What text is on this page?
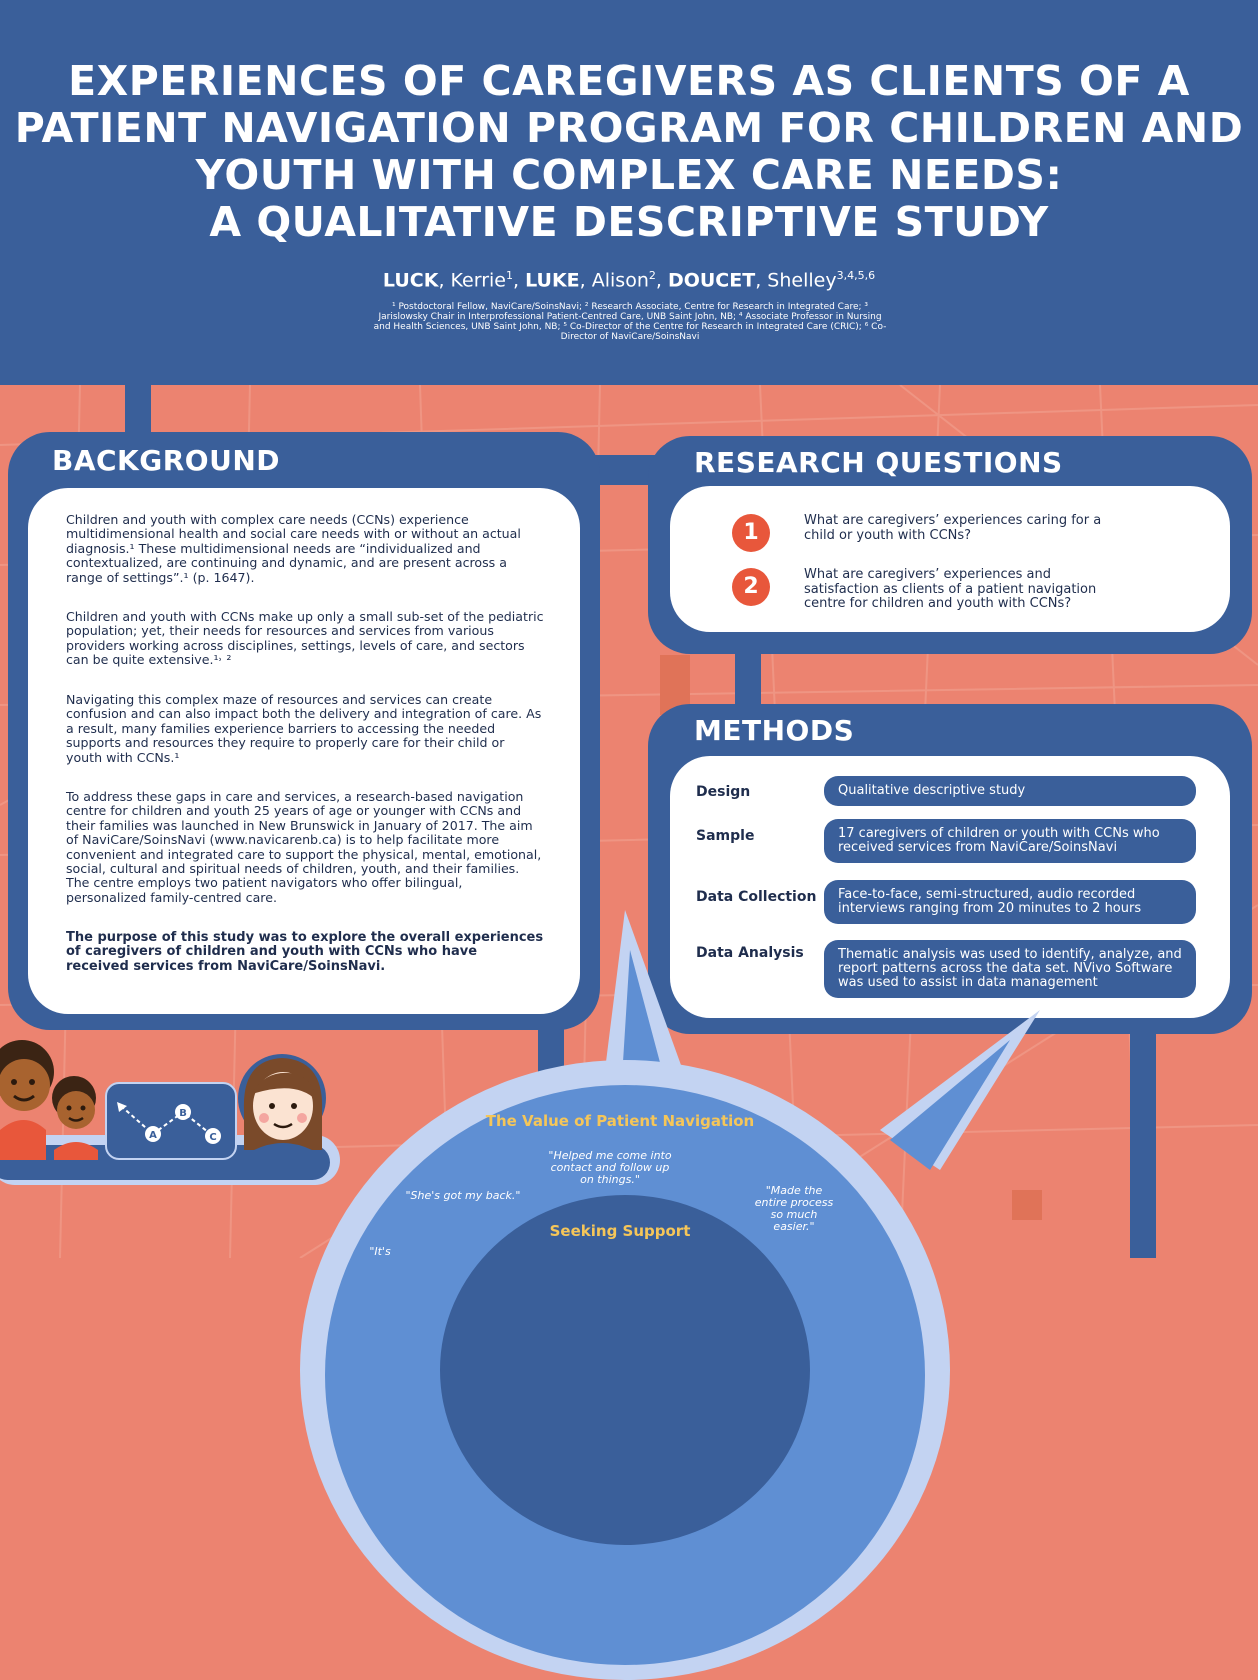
EXPERIENCES OF CAREGIVERS AS CLIENTS OF A
PATIENT NAVIGATION PROGRAM FOR CHILDREN AND
YOUTH WITH COMPLEX CARE NEEDS:
A QUALITATIVE DESCRIPTIVE STUDY
LUCK, Kerrie$^1$, LUKE, Alison$^2$, DOUCET, Shelley$^{3,4,5,6}$
¹ Postdoctoral Fellow, NaviCare/SoinsNavi; ² Research Associate, Centre for Research in Integrated Care; ³ Jarislowsky Chair in Interprofessional Patient-Centred Care, UNB Saint John, NB; ⁴ Associate Professor in Nursing and Health Sciences, UNB Saint John, NB; ⁵ Co-Director of the Centre for Research in Integrated Care (CRIC); ⁶ Co-Director of NaviCare/SoinsNavi
BACKGROUND

Children and youth with complex care needs (CCNs) experience multidimensional health and social care needs with or without an actual diagnosis.¹ These multidimensional needs are “individualized and contextualized, are continuing and dynamic, and are present across a range of settings”.¹ (p. 1647).

Children and youth with CCNs make up only a small sub-set of the pediatric population; yet, their needs for resources and services from various providers working across disciplines, settings, levels of care, and sectors can be quite extensive.¹˒ ²

Navigating this complex maze of resources and services can create confusion and can also impact both the delivery and integration of care. As a result, many families experience barriers to accessing the needed supports and resources they require to properly care for their child or youth with CCNs.¹

To address these gaps in care and services, a research-based navigation centre for children and youth 25 years of age or younger with CCNs and their families was launched in New Brunswick in January of 2017. The aim of NaviCare/SoinsNavi (www.navicarenb.ca) is to help facilitate more convenient and integrated care to support the physical, mental, emotional, social, cultural and spiritual needs of children, youth, and their families. The centre employs two patient navigators who offer bilingual, personalized family-centred care.

The purpose of this study was to explore the overall experiences of caregivers of children and youth with CCNs who have received services from NaviCare/SoinsNavi.

RESEARCH QUESTIONS
1	What are caregivers’ experiences caring for a child or youth with CCNs?
2	What are caregivers’ experiences and satisfaction as clients of a patient navigation centre for children and youth with CCNs?
METHODS
Design	Qualitative descriptive study
Sample	17 caregivers of children or youth with CCNs who received services from NaviCare/SoinsNavi
Data Collection	Face-to-face, semi-structured, audio recorded interviews ranging from 20 minutes to 2 hours
Data Analysis	Thematic analysis was used to identify, analyze, and report patterns across the data set. NVivo Software was used to assist in data management
The Value of Patient Navigation
Seeking Support
"Helped me come into contact and follow up on things."
"She's got my back."	"Made the entire process so much easier."
"It's
A
B
C
